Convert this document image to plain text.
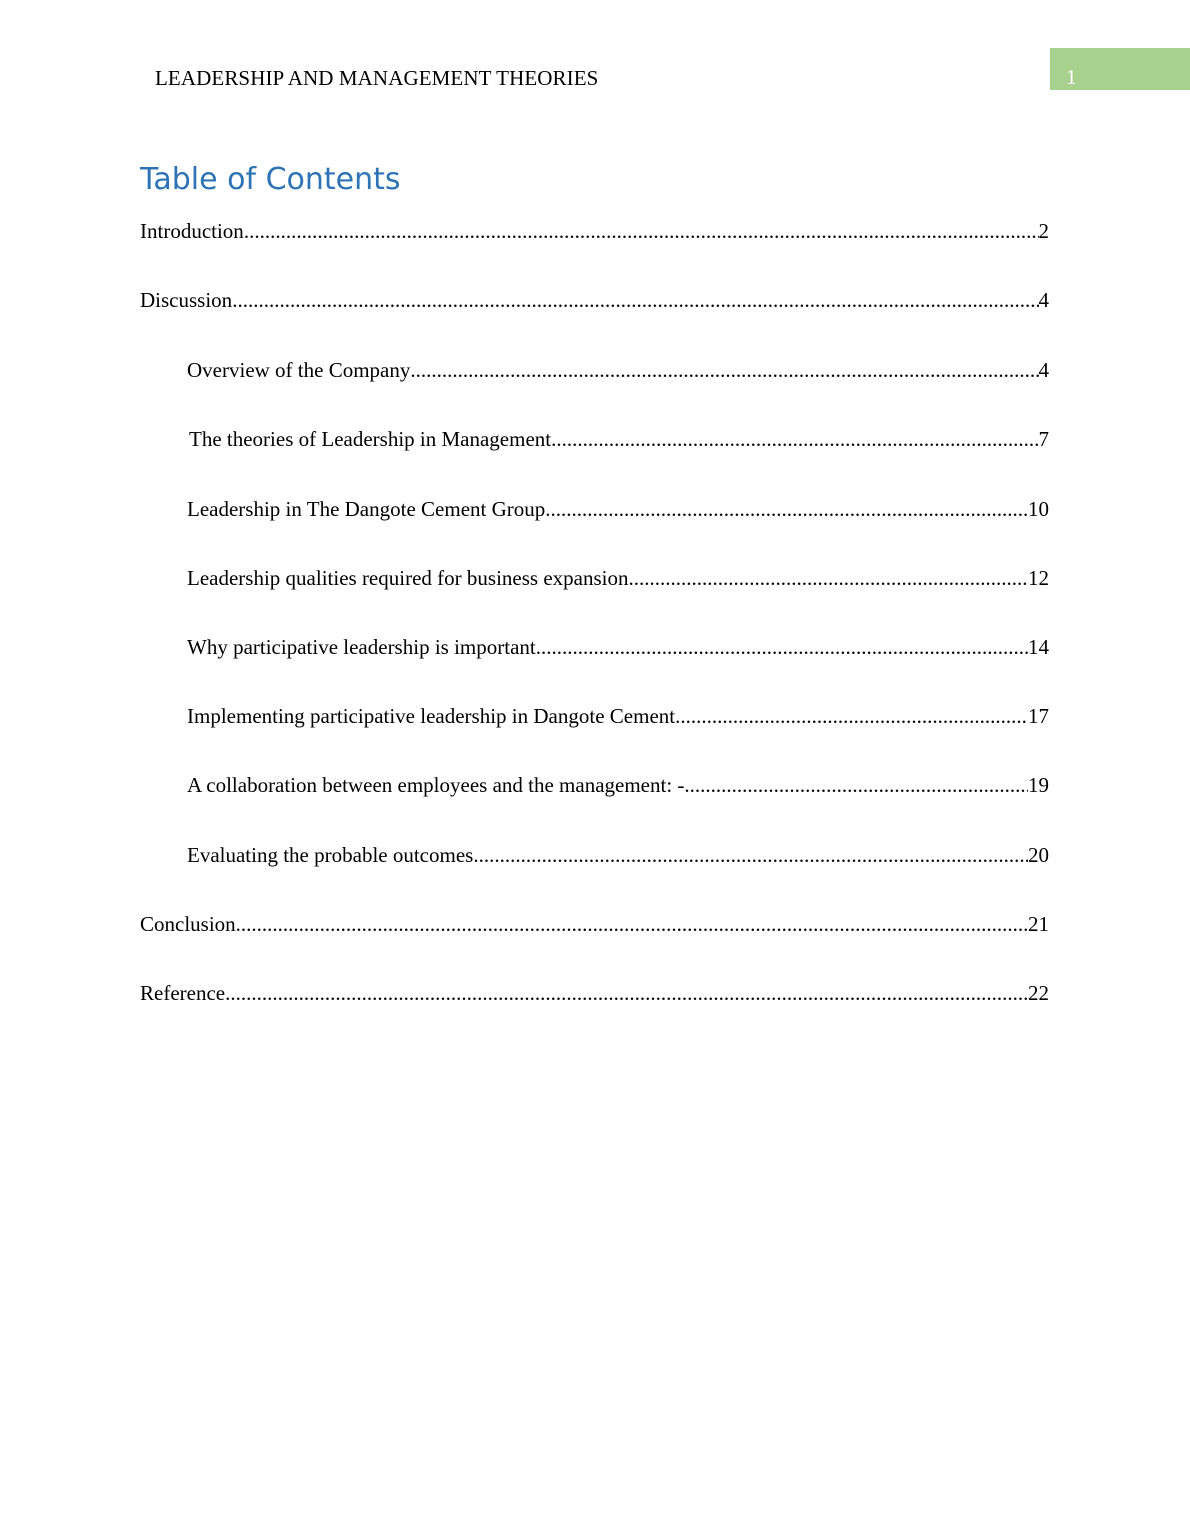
LEADERSHIP AND MANAGEMENT THEORIES	1
Table of Contents
Introduction .....	2
Discussion .....	4
Overview of the Company .....	4
The theories of Leadership in Management .....	7
Leadership in The Dangote Cement Group .....	10
Leadership qualities required for business expansion .....	12
Why participative leadership is important .....	14
Implementing participative leadership in Dangote Cement .....	17
A collaboration between employees and the management: - .....	19
Evaluating the probable outcomes .....	20
Conclusion .....	21
Reference .....	22
